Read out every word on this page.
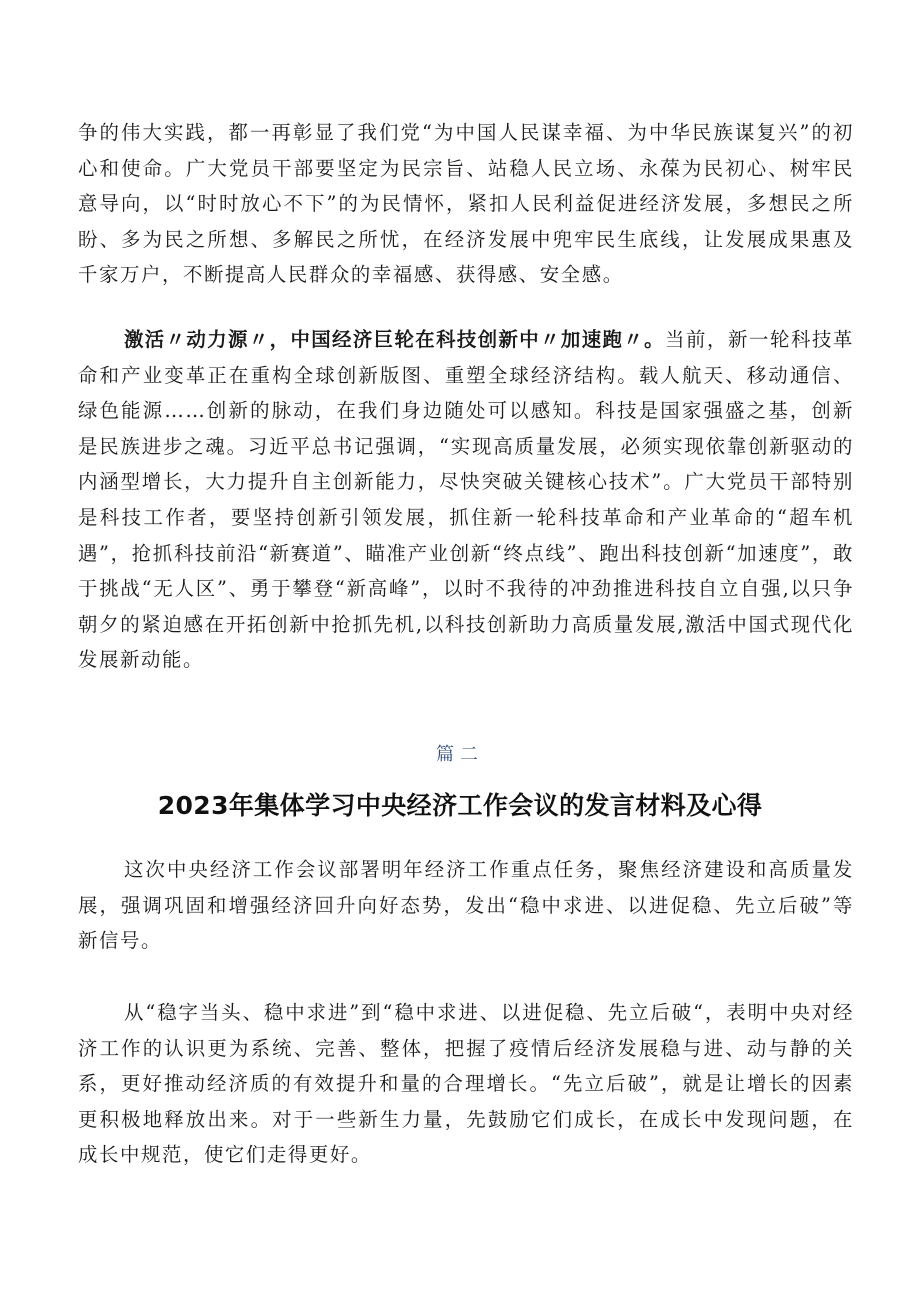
争的伟大实践，都一再彰显了我们党“为中国人民谋幸福、为中华民族谋复兴”的初心和使命。广大党员干部要坚定为民宗旨、站稳人民立场、永葆为民初心、树牢民意导向，以“时时放心不下”的为民情怀，紧扣人民利益促进经济发展，多想民之所盼、多为民之所想、多解民之所忧，在经济发展中兜牢民生底线，让发展成果惠及千家万户，不断提高人民群众的幸福感、获得感、安全感。

激活〃动力源〃，中国经济巨轮在科技创新中〃加速跑〃。当前，新一轮科技革命和产业变革正在重构全球创新版图、重塑全球经济结构。载人航天、移动通信、绿色能源……创新的脉动，在我们身边随处可以感知。科技是国家强盛之基，创新是民族进步之魂。习近平总书记强调，“实现高质量发展，必须实现依靠创新驱动的内涵型增长，大力提升自主创新能力，尽快突破关键核心技术”。广大党员干部特别是科技工作者，要坚持创新引领发展，抓住新一轮科技革命和产业革命的“超车机遇”，抢抓科技前沿“新赛道”、瞄准产业创新“终点线”、跑出科技创新“加速度”，敢于挑战“无人区”、勇于攀登“新高峰”，以时不我待的冲劲推进科技自立自强,以只争朝夕的紧迫感在开拓创新中抢抓先机,以科技创新助力高质量发展,激活中国式现代化发展新动能。

篇二

2023年集体学习中央经济工作会议的发言材料及心得

这次中央经济工作会议部署明年经济工作重点任务，聚焦经济建设和高质量发展，强调巩固和增强经济回升向好态势，发出“稳中求进、以进促稳、先立后破”等新信号。

从“稳字当头、稳中求进”到“稳中求进、以进促稳、先立后破“，表明中央对经济工作的认识更为系统、完善、整体，把握了疫情后经济发展稳与进、动与静的关系，更好推动经济质的有效提升和量的合理增长。“先立后破”，就是让增长的因素更积极地释放出来。对于一些新生力量，先鼓励它们成长，在成长中发现问题，在成长中规范，使它们走得更好。
